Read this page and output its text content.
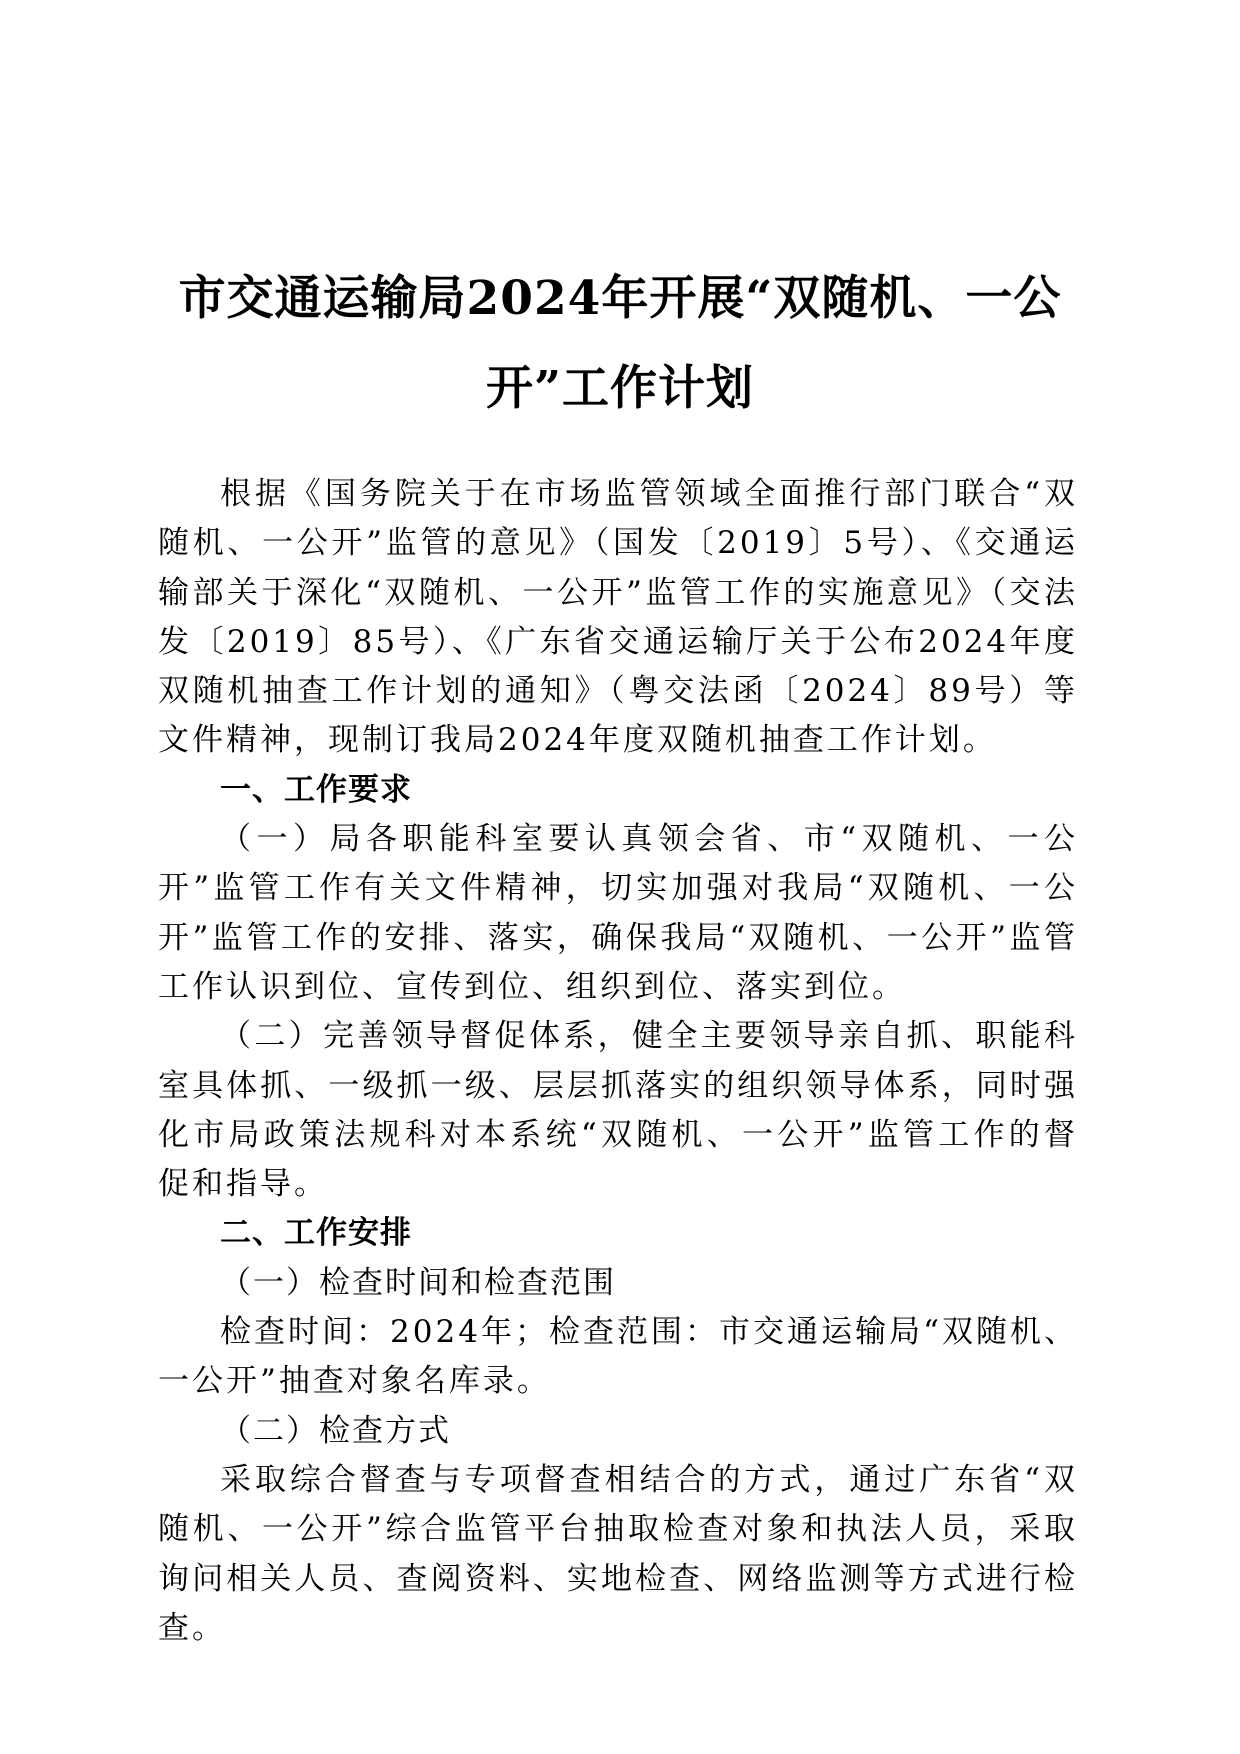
市交通运输局2024年开展“双随机、一公
开”工作计划

根据《国务院关于在市场监管领域全面推行部门联合“双随机、一公开”监管的意见》（国发〔2019〕5号）、《交通运输部关于深化“双随机、一公开”监管工作的实施意见》（交法发〔2019〕85号）、《广东省交通运输厅关于公布2024年度双随机抽查工作计划的通知》（粤交法函〔2024〕89号）等文件精神，现制订我局2024年度双随机抽查工作计划。

一、工作要求

（一）局各职能科室要认真领会省、市“双随机、一公开”监管工作有关文件精神，切实加强对我局“双随机、一公开”监管工作的安排、落实，确保我局“双随机、一公开”监管工作认识到位、宣传到位、组织到位、落实到位。

（二）完善领导督促体系，健全主要领导亲自抓、职能科室具体抓、一级抓一级、层层抓落实的组织领导体系，同时强化市局政策法规科对本系统“双随机、一公开”监管工作的督促和指导。

二、工作安排

（一）检查时间和检查范围

检查时间：2024年；检查范围：市交通运输局“双随机、一公开”抽查对象名库录。

（二）检查方式

采取综合督查与专项督查相结合的方式，通过广东省“双随机、一公开”综合监管平台抽取检查对象和执法人员，采取询问相关人员、查阅资料、实地检查、网络监测等方式进行检查。
